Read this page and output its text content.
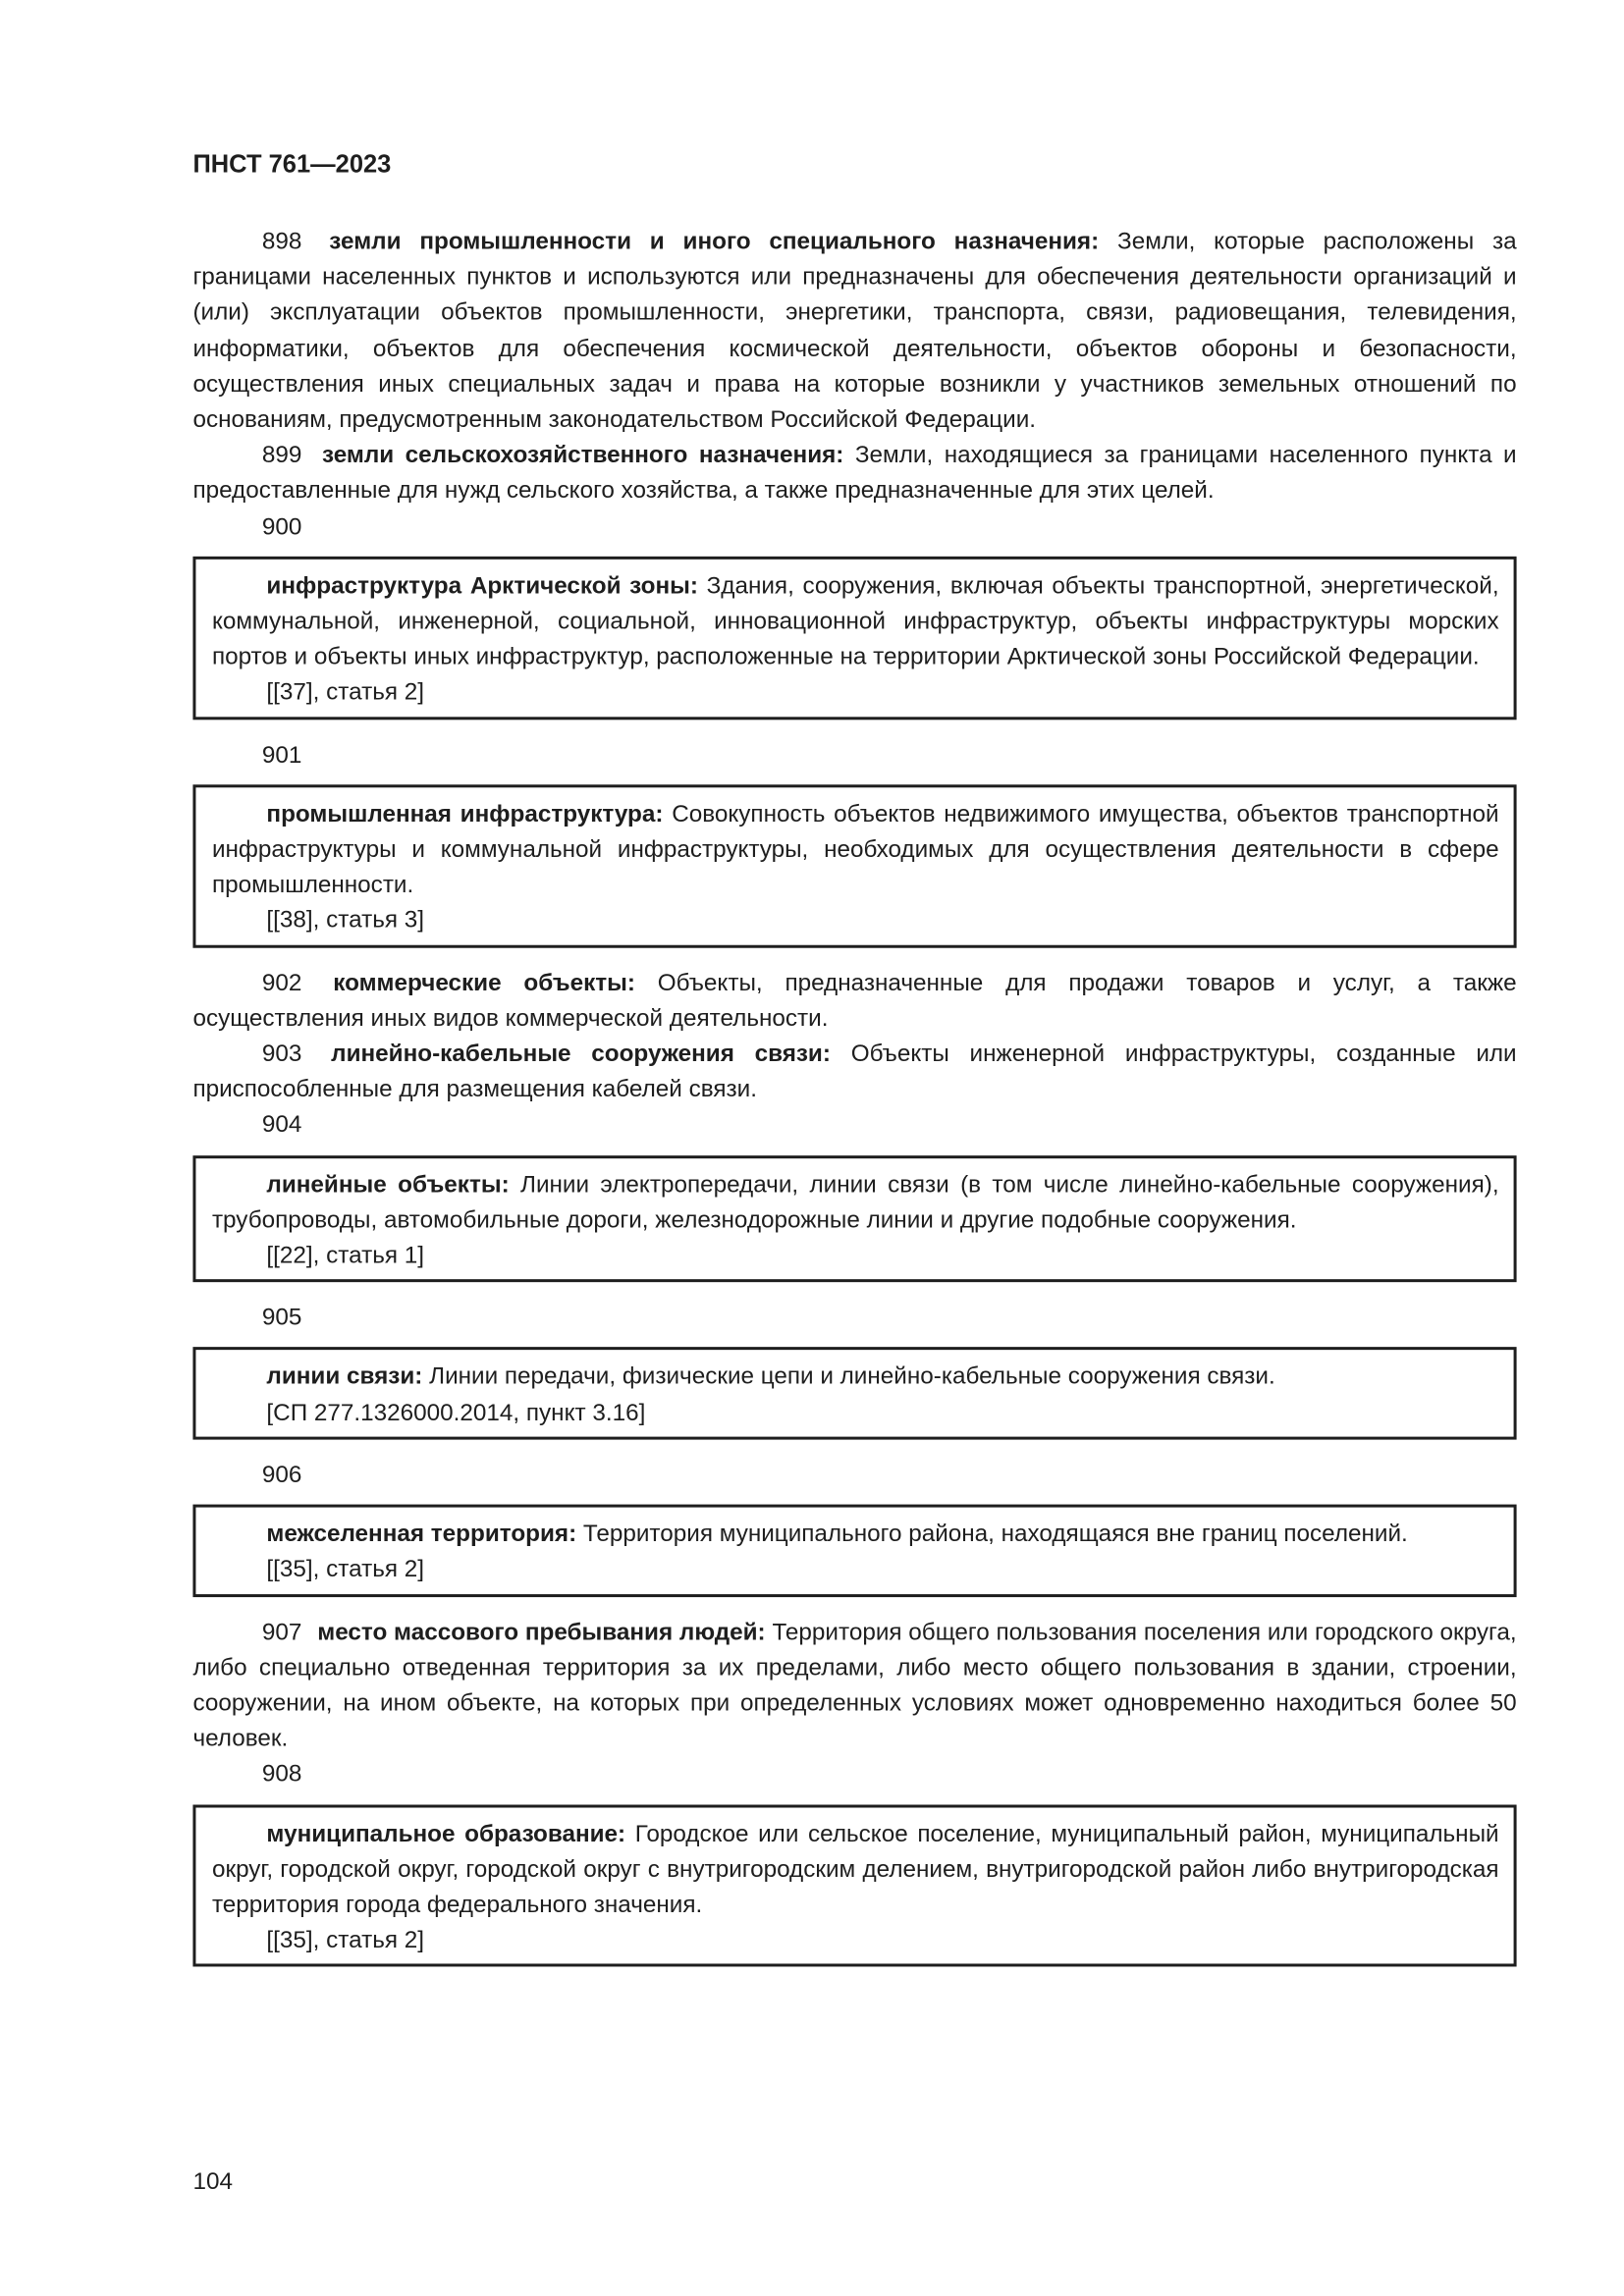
ПНСТ 761—2023

898 земли промышленности и иного специального назначения: Земли, которые расположены за границами населенных пунктов и используются или предназначены для обеспечения деятельности организаций и (или) эксплуатации объектов промышленности, энергетики, транспорта, связи, радиовещания, телевидения, информатики, объектов для обеспечения космической деятельности, объектов обороны и безопасности, осуществления иных специальных задач и права на которые возникли у участников земельных отношений по основаниям, предусмотренным законодательством Российской Федерации.

899 земли сельскохозяйственного назначения: Земли, находящиеся за границами населенного пункта и предоставленные для нужд сельского хозяйства, а также предназначенные для этих целей.

900

инфраструктура Арктической зоны: Здания, сооружения, включая объекты транспортной, энергетической, коммунальной, инженерной, социальной, инновационной инфраструктур, объекты инфраструктуры морских портов и объекты иных инфраструктур, расположенные на территории Арктической зоны Российской Федерации.

[[37], статья 2]

901

промышленная инфраструктура: Совокупность объектов недвижимого имущества, объектов транспортной инфраструктуры и коммунальной инфраструктуры, необходимых для осуществления деятельности в сфере промышленности.

[[38], статья 3]

902 коммерческие объекты: Объекты, предназначенные для продажи товаров и услуг, а также осуществления иных видов коммерческой деятельности.

903 линейно-кабельные сооружения связи: Объекты инженерной инфраструктуры, созданные или приспособленные для размещения кабелей связи.

904

линейные объекты: Линии электропередачи, линии связи (в том числе линейно-кабельные сооружения), трубопроводы, автомобильные дороги, железнодорожные линии и другие подобные сооружения.

[[22], статья 1]

905

линии связи: Линии передачи, физические цепи и линейно-кабельные сооружения связи.

[СП 277.1326000.2014, пункт 3.16]

906

межселенная территория: Территория муниципального района, находящаяся вне границ поселений.

[[35], статья 2]

907 место массового пребывания людей: Территория общего пользования поселения или городского округа, либо специально отведенная территория за их пределами, либо место общего пользования в здании, строении, сооружении, на ином объекте, на которых при определенных условиях может одновременно находиться более 50 человек.

908

муниципальное образование: Городское или сельское поселение, муниципальный район, муниципальный округ, городской округ, городской округ с внутригородским делением, внутригородской район либо внутригородская территория города федерального значения.

[[35], статья 2]

104
